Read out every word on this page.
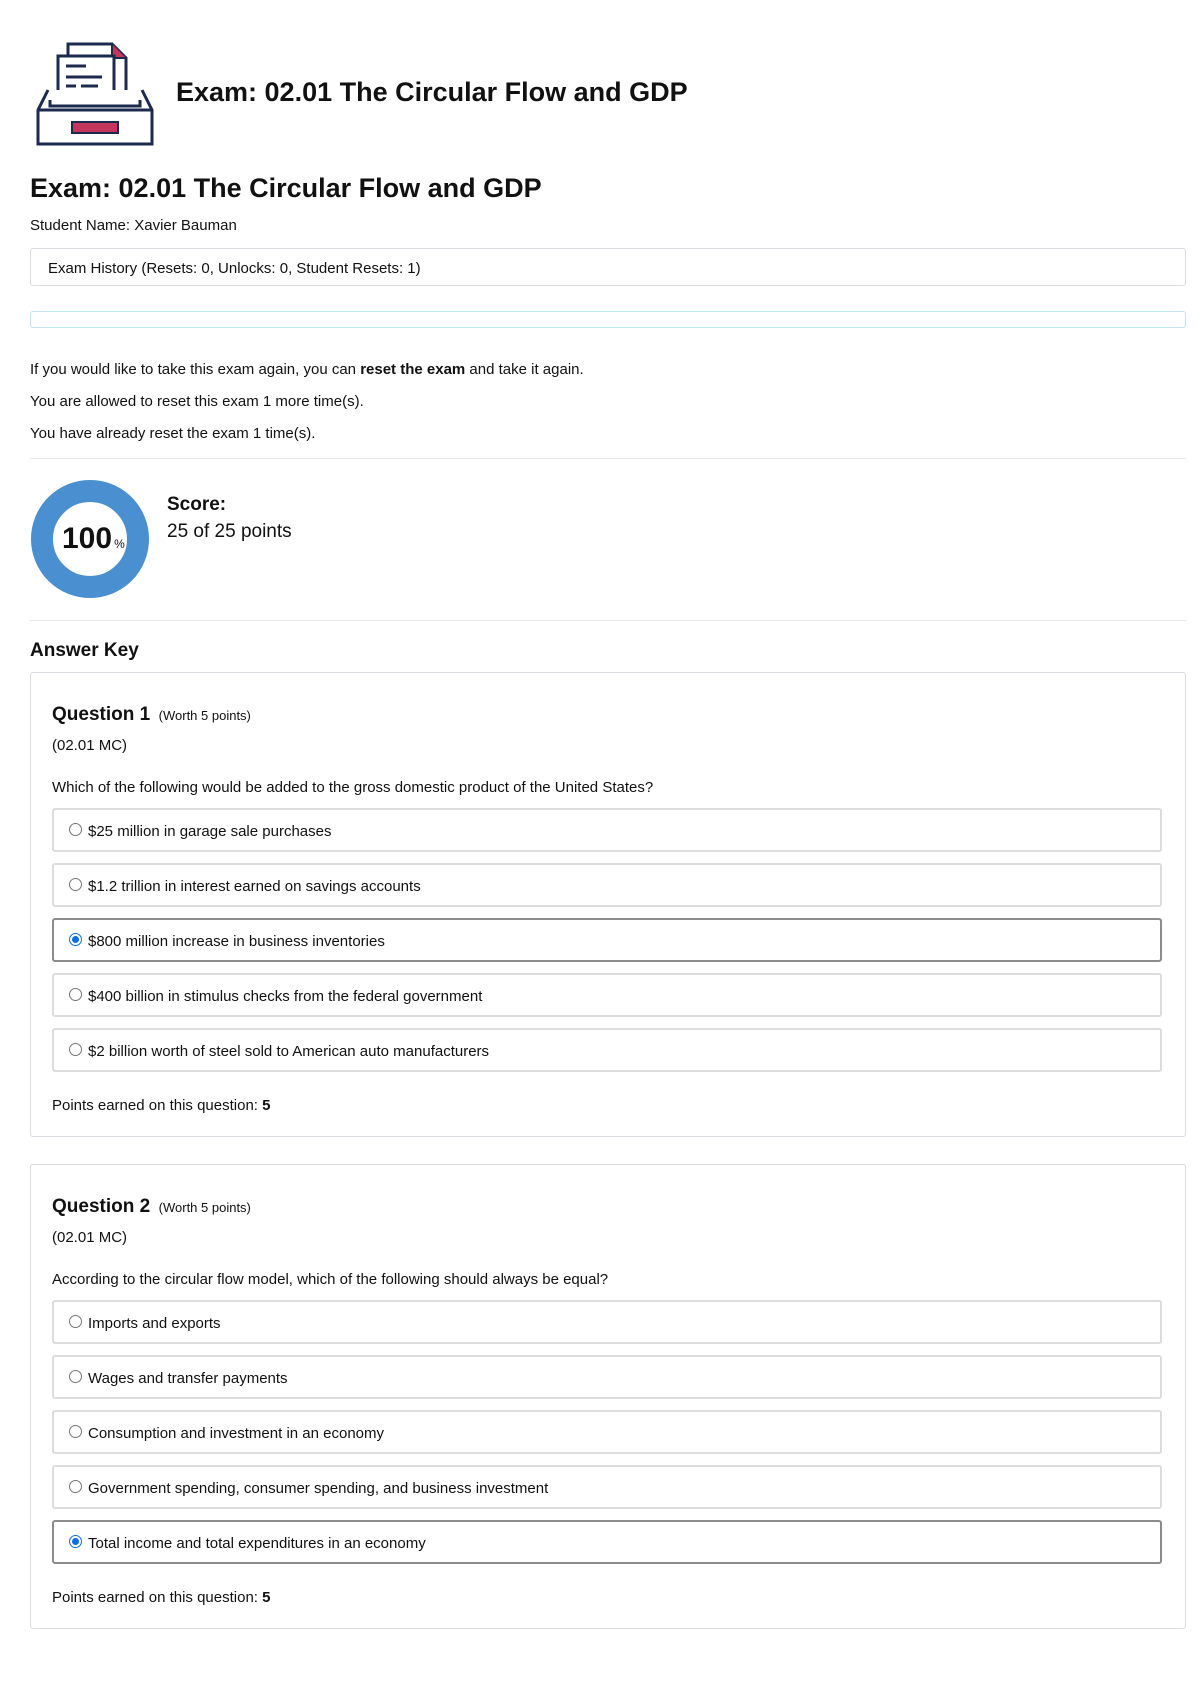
Exam: 02.01 The Circular Flow and GDP
Exam: 02.01 The Circular Flow and GDP
Student Name: Xavier Bauman
Exam History (Resets: 0, Unlocks: 0, Student Resets: 1)
If you would like to take this exam again, you can reset the exam and take it again.
You are allowed to reset this exam 1 more time(s).
You have already reset the exam 1 time(s).
100 %
Score:
25 of 25 points
Answer Key
Question 1 (Worth 5 points)
(02.01 MC)
Which of the following would be added to the gross domestic product of the United States?
$25 million in garage sale purchases
$1.2 trillion in interest earned on savings accounts
$800 million increase in business inventories
$400 billion in stimulus checks from the federal government
$2 billion worth of steel sold to American auto manufacturers
Points earned on this question: 5
Question 2 (Worth 5 points)
(02.01 MC)
According to the circular flow model, which of the following should always be equal?
Imports and exports
Wages and transfer payments
Consumption and investment in an economy
Government spending, consumer spending, and business investment
Total income and total expenditures in an economy
Points earned on this question: 5
